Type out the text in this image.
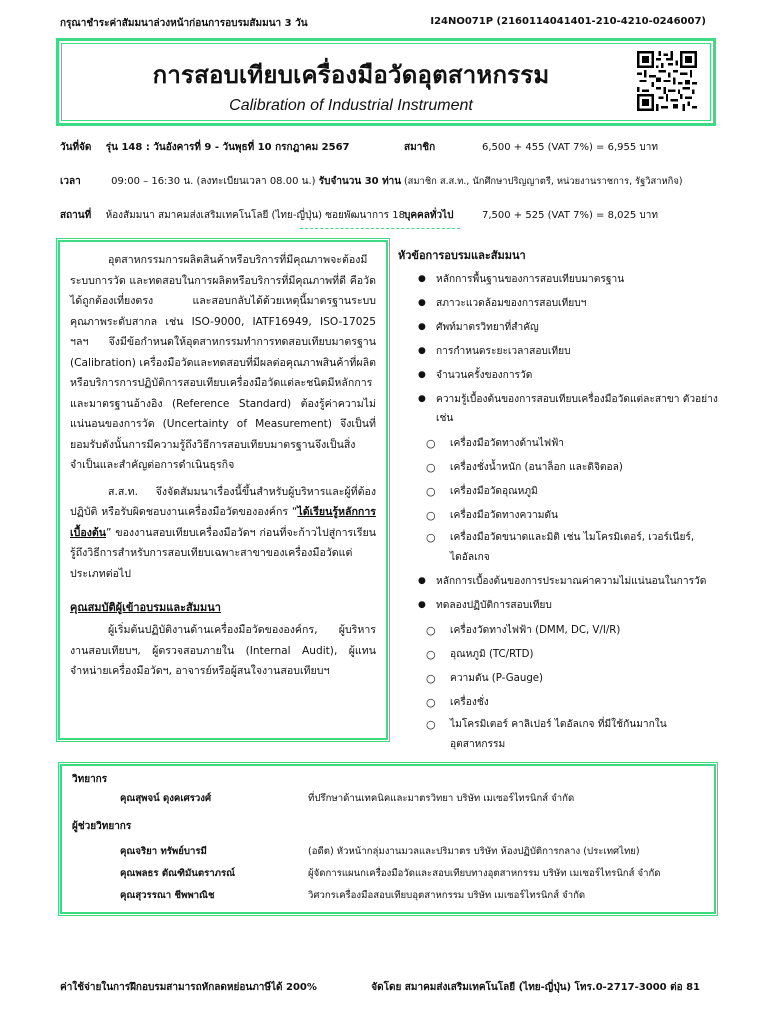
กรุณาชำระค่าสัมมนาล่วงหน้าก่อนการอบรมสัมมนา 3 วัน	I24NO071P (2160114041401-210-4210-0246007)
การสอบเทียบเครื่องมือวัดอุตสาหกรรม
Calibration of Industrial Instrument
วันที่จัด รุ่น 148 : วันอังคารที่ 9 - วันพุธที่ 10 กรกฎาคม 2567
เวลา	09:00 – 16:30 น. (ลงทะเบียนเวลา 08.00 น.) รับจำนวน 30 ท่าน
สถานที่ ห้องสัมมนา สมาคมส่งเสริมเทคโนโลยี (ไทย-ญี่ปุ่น) ซอยพัฒนาการ 18
สมาชิก	6,500 + 455 (VAT 7%) = 6,955 บาท
(สมาชิก ส.ส.ท., นักศึกษาปริญญาตรี, หน่วยงานราชการ, รัฐวิสาหกิจ)
บุคคลทั่วไป	7,500 + 525 (VAT 7%) = 8,025 บาท

อุตสาหกรรมการผลิตสินค้าหรือบริการที่มีคุณภาพจะต้องมีระบบการวัด และทดสอบในการผลิตหรือบริการที่มีคุณภาพที่ดี คือวัดได้ถูกต้องเที่ยงตรง และสอบกลับได้ด้วยเหตุนี้มาตรฐานระบบคุณภาพระดับสากล เช่น ISO-9000, IATF16949, ISO-17025 ฯลฯ จึงมีข้อกำหนดให้อุตสาหกรรมทำการทดสอบเทียบมาตรฐาน (Calibration) เครื่องมือวัดและทดสอบที่มีผลต่อคุณภาพสินค้าที่ผลิตหรือบริการการปฏิบัติการสอบเทียบเครื่องมือวัดแต่ละชนิดมีหลักการและมาตรฐานอ้างอิง (Reference Standard) ต้องรู้ค่าความไม่แน่นอนของการวัด (Uncertainty of Measurement) จึงเป็นที่ยอมรับดังนั้นการมีความรู้ถึงวิธีการสอบเทียบมาตรฐานจึงเป็นสิ่งจำเป็นและสำคัญต่อการดำเนินธุรกิจ

ส.ส.ท. จึงจัดสัมมนาเรื่องนี้ขึ้นสำหรับผู้บริหารและผู้ที่ต้องปฏิบัติ หรือรับผิดชอบงานเครื่องมือวัดขององค์กร “ได้เรียนรู้หลักการเบื้องต้น” ของงานสอบเทียบเครื่องมือวัดฯ ก่อนที่จะก้าวไปสู่การเรียนรู้ถึงวิธีการสำหรับการสอบเทียบเฉพาะสาขาของเครื่องมือวัดแต่ประเภทต่อไป

คุณสมบัติผู้เข้าอบรมและสัมมนา

ผู้เริ่มต้นปฏิบัติงานด้านเครื่องมือวัดขององค์กร, ผู้บริหารงานสอบเทียบฯ, ผู้ตรวจสอบภายใน (Internal Audit), ผู้แทนจำหน่ายเครื่องมือวัดฯ, อาจารย์หรือผู้สนใจงานสอบเทียบฯ

หัวข้อการอบรมและสัมมนา
● หลักการพื้นฐานของการสอบเทียบมาตรฐาน
● สภาวะแวดล้อมของการสอบเทียบฯ
● ศัพท์มาตรวิทยาที่สำคัญ
● การกำหนดระยะเวลาสอบเทียบ
● จำนวนครั้งของการวัด
● ความรู้เบื้องต้นของการสอบเทียบเครื่องมือวัดแต่ละสาขา ตัวอย่างเช่น
○ เครื่องมือวัดทางด้านไฟฟ้า
○ เครื่องชั่งน้ำหนัก (อนาล็อก และดิจิตอล)
○ เครื่องมือวัดอุณหภูมิ
○ เครื่องมือวัดทางความดัน
○ เครื่องมือวัดขนาดและมิติ เช่น ไมโครมิเตอร์, เวอร์เนียร์, ไดอัลเกจ
● หลักการเบื้องต้นของการประมาณค่าความไม่แน่นอนในการวัด
● ทดลองปฏิบัติการสอบเทียบ
○ เครื่องวัดทางไฟฟ้า (DMM, DC, V/I/R)
○ อุณหภูมิ (TC/RTD)
○ ความดัน (P-Gauge)
○ เครื่องชั่ง
○ ไมโครมิเตอร์ คาลิเปอร์ ไดอัลเกจ ที่มีใช้กันมากในอุตสาหกรรม
วิทยากร
คุณสุพจน์ ดุงคเศรวงศ์	ที่ปรึกษาด้านเทคนิคและมาตรวิทยา บริษัท เมเซอร์ไทรนิกส์ จำกัด
ผู้ช่วยวิทยากร
คุณจริยา ทรัพย์บารมี	(อดีต) หัวหน้ากลุ่มงานมวลและปริมาตร บริษัท ห้องปฏิบัติการกลาง (ประเทศไทย)
คุณพลธร ตัณฑิมันตราภรณ์	ผู้จัดการแผนกเครื่องมือวัดและสอบเทียบทางอุตสาหกรรม บริษัท เมเซอร์ไทรนิกส์ จำกัด
คุณสุวรรณา ชีพพาณิช	วิศวกรเครื่องมือสอบเทียบอุตสาหกรรม บริษัท เมเซอร์ไทรนิกส์ จำกัด
ค่าใช้จ่ายในการฝึกอบรมสามารถหักลดหย่อนภาษีได้ 200%	จัดโดย สมาคมส่งเสริมเทคโนโลยี (ไทย-ญี่ปุ่น) โทร.0-2717-3000 ต่อ 81
